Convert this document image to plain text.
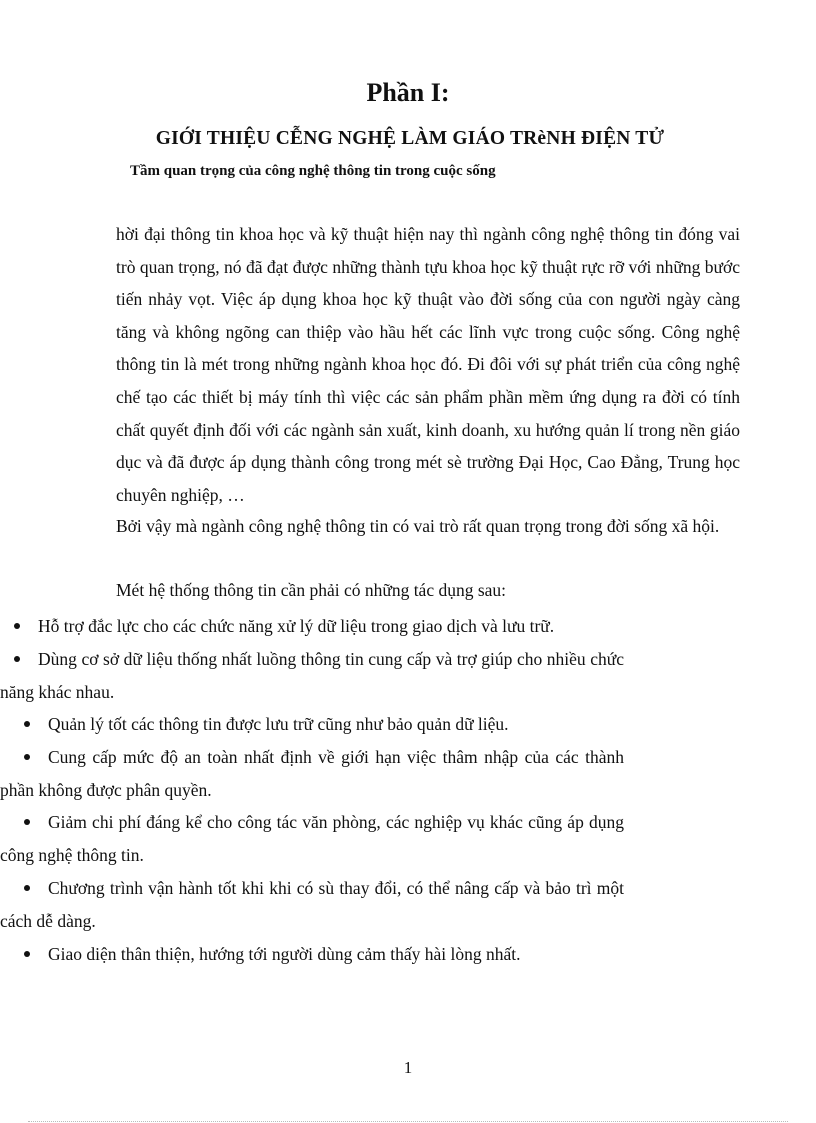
Phần I:
GIỚI THIỆU CỄNG NGHỆ LÀM GIÁO TRèNH ĐIỆN TỬ
Tầm quan trọng của công nghệ thông tin trong cuộc sống
hời đại thông tin khoa học và kỹ thuật hiện nay thì ngành công nghệ thông tin đóng vai trò quan trọng, nó đã đạt được những thành tựu khoa học kỹ thuật rực rỡ với những bước tiến nhảy vọt. Việc áp dụng khoa học kỹ thuật vào đời sống của con người ngày càng tăng và không ngõng can thiệp vào hầu hết các lĩnh vực trong cuộc sống. Công nghệ thông tin là mét trong những ngành khoa học đó. Đi đôi với sự phát triển của công nghệ chế tạo các thiết bị máy tính thì việc các sản phẩm phần mềm ứng dụng ra đời có tính chất quyết định đối với các ngành sản xuất, kinh doanh, xu hướng quản lí trong nền giáo dục và đã được áp dụng thành công trong mét sè trường Đại Học, Cao Đẳng, Trung học chuyên nghiệp, …
Bởi vậy mà ngành công nghệ thông tin có vai trò rất quan trọng trong đời sống xã hội.
Mét hệ thống thông tin cần phải có những tác dụng sau:
Hỗ trợ đắc lực cho các chức năng xử lý dữ liệu trong giao dịch và lưu trữ.
Dùng cơ sở dữ liệu thống nhất luồng thông tin cung cấp và trợ giúp cho nhiều chức năng khác nhau.
Quản lý tốt các thông tin được lưu trữ cũng như bảo quản dữ liệu.
Cung cấp mức độ an toàn nhất định về giới hạn việc thâm nhập của các thành phần không được phân quyền.
Giảm chi phí đáng kể cho công tác văn phòng, các nghiệp vụ khác cũng áp dụng công nghệ thông tin.
Chương trình vận hành tốt khi khi có sù thay đổi, có thể nâng cấp và bảo trì một cách dễ dàng.
Giao diện thân thiện, hướng tới người dùng cảm thấy hài lòng nhất.
1
